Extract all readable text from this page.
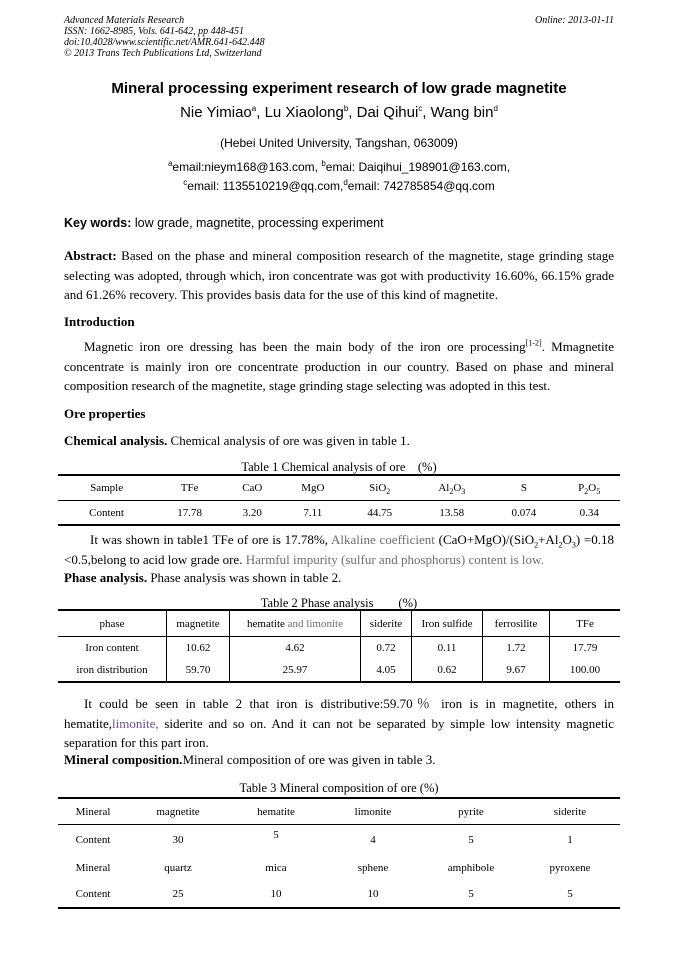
Advanced Materials Research
ISSN: 1662-8985, Vols. 641-642, pp 448-451
doi:10.4028/www.scientific.net/AMR.641-642.448
© 2013 Trans Tech Publications Ltd, Switzerland
Online: 2013-01-11
Mineral processing experiment research of low grade magnetite
Nie Yimiao$^a$, Lu Xiaolong$^b$, Dai Qihui$^c$, Wang bin$^d$
(Hebei United University, Tangshan, 063009)
$^a$email:nieym168@163.com, $^b$emai: Daiqihui_198901@163.com,
$^c$email: 1135510219@qq.com,$^d$email: 742785854@qq.com
Key words: low grade, magnetite, processing experiment
Abstract: Based on the phase and mineral composition research of the magnetite, stage grinding stage selecting was adopted, through which, iron concentrate was got with productivity 16.60%, 66.15% grade and 61.26% recovery. This provides basis data for the use of this kind of magnetite.
Introduction
Magnetic iron ore dressing has been the main body of the iron ore processing[1-2]. Mmagnetite concentrate is mainly iron ore concentrate production in our country. Based on phase and mineral composition research of the magnetite, stage grinding stage selecting was adopted in this test.
Ore properties
Chemical analysis. Chemical analysis of ore was given in table 1.
Table 1 Chemical analysis of ore　(%)
Sample	TFe	CaO	MgO	SiO$_2$	$Al_2O_3$	S	$P_2O_5$
Content	17.78	3.20	7.11	44.75	13.58	0.074	0.34
It was shown in table1 TFe of ore is 17.78%, Alkaline coefficient $(CaO+MgO)/(SiO_2+Al_2O_3) =0.18$ <0.5,belong to acid low grade ore. Harmful impurity (sulfur and phosphorus) content is low.
Phase analysis. Phase analysis was shown in table 2.
Table 2 Phase analysis　　(%)
phase	magnetite	hematite and limonite	siderite	Iron sulfide	ferrosilite	TFe
Iron content	10.62	4.62	0.72	0.11	1.72	17.79
iron distribution	59.70	25.97	4.05	0.62	9.67	100.00
It could be seen in table 2 that iron is distributive:59.70％ iron is in magnetite, others in hematite,limonite, siderite and so on. And it can not be separated by simple low intensity magnetic separation for this part iron.
Mineral composition.Mineral composition of ore was given in table 3.
Table 3 Mineral composition of ore (%)
Mineral	magnetite	hematite	limonite	pyrite	siderite
Content	30	5	4	5	1
Mineral	quartz	mica	sphene	amphibole	pyroxene
Content	25	10	10	5	5
